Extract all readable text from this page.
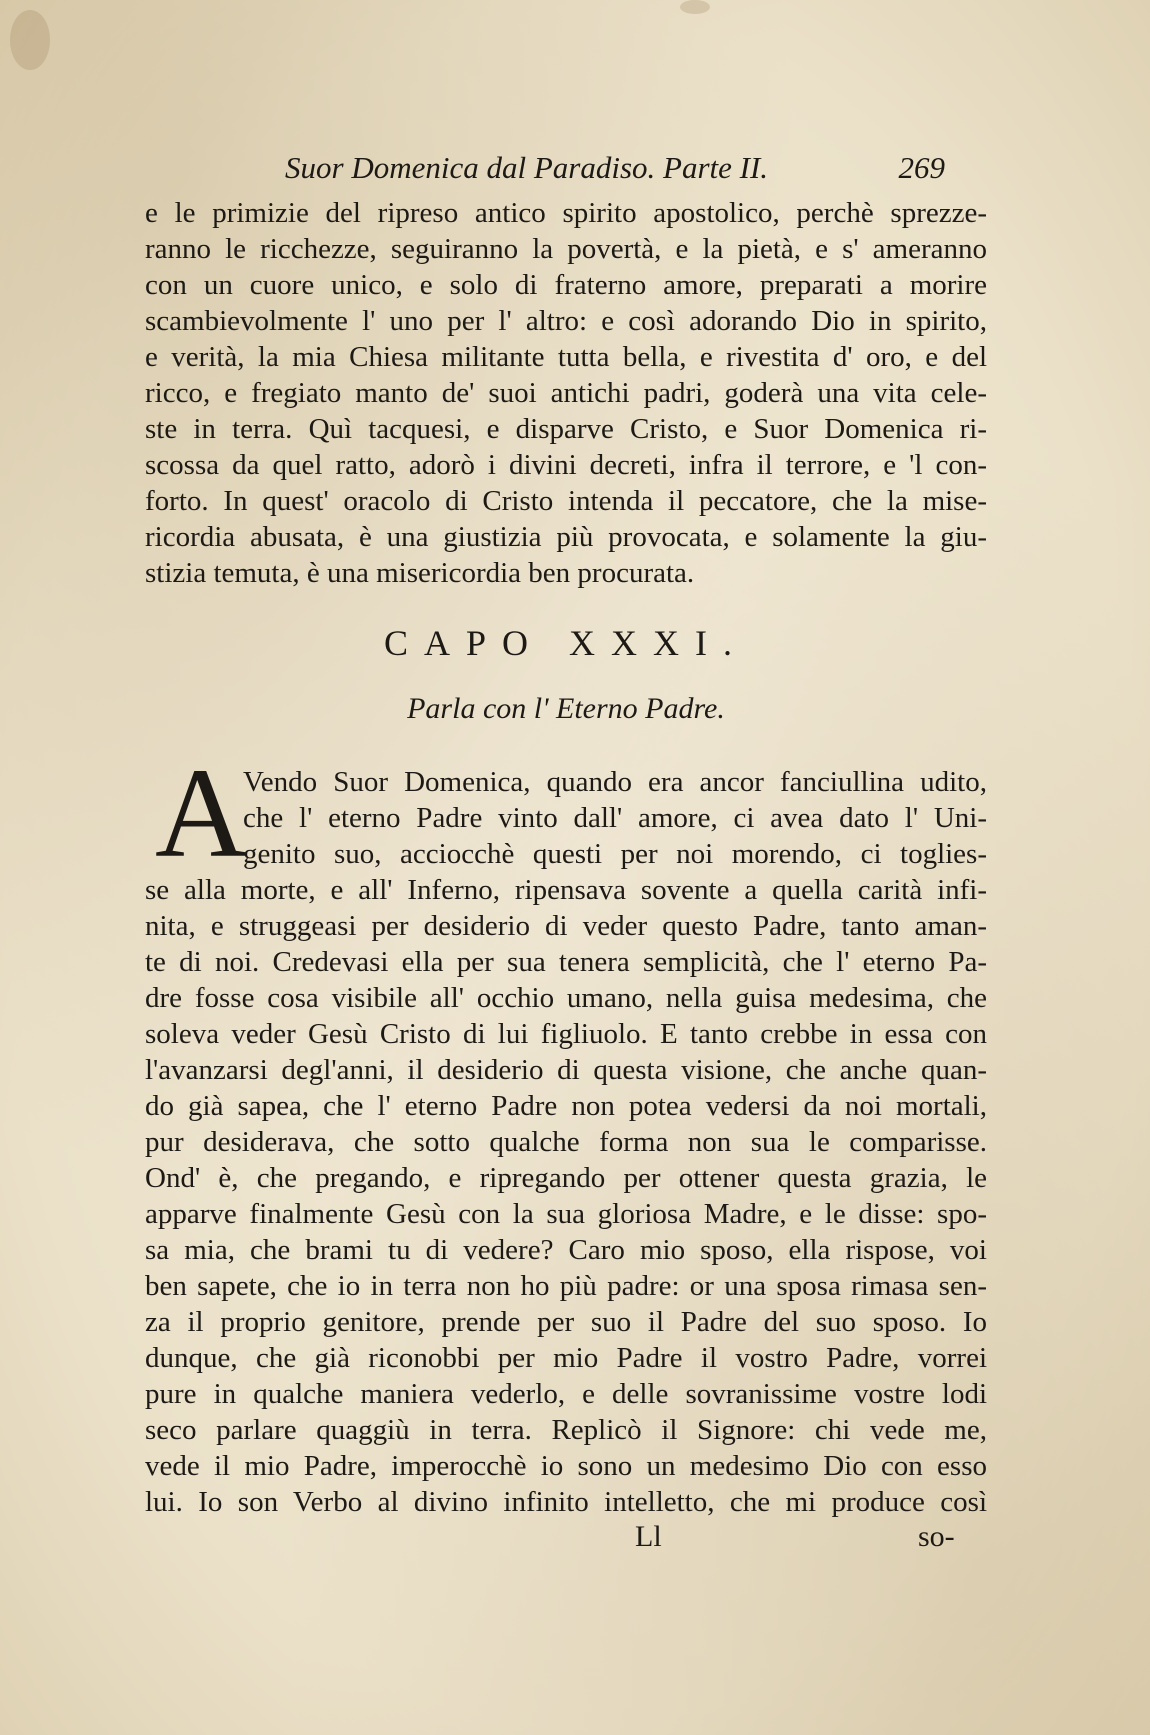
Suor Domenica dal Paradiso. Parte II.	269
e le primizie del ripreso antico spirito apostolico, perchè sprezze-
ranno le ricchezze, seguiranno la povertà, e la pietà, e s' ameranno
con un cuore unico, e solo di fraterno amore, preparati a morire
scambievolmente l' uno per l' altro: e così adorando Dio in spirito,
e verità, la mia Chiesa militante tutta bella, e rivestita d' oro, e del
ricco, e fregiato manto de' suoi antichi padri, goderà una vita cele-
ste in terra. Quì tacquesi, e disparve Cristo, e Suor Domenica ri-
scossa da quel ratto, adorò i divini decreti, infra il terrore, e 'l con-
forto. In quest' oracolo di Cristo intenda il peccatore, che la mise-
ricordia abusata, è una giustizia più provocata, e solamente la giu-
stizia temuta, è una misericordia ben procurata.
CAPO XXXI.
Parla con l' Eterno Padre.
A
Vendo Suor Domenica, quando era ancor fanciullina udito,
che l' eterno Padre vinto dall' amore, ci avea dato l' Uni-
genito suo, acciocchè questi per noi morendo, ci toglies-
se alla morte, e all' Inferno, ripensava sovente a quella carità infi-
nita, e struggeasi per desiderio di veder questo Padre, tanto aman-
te di noi. Credevasi ella per sua tenera semplicità, che l' eterno Pa-
dre fosse cosa visibile all' occhio umano, nella guisa medesima, che
soleva veder Gesù Cristo di lui figliuolo. E tanto crebbe in essa con
l'avanzarsi degl'anni, il desiderio di questa visione, che anche quan-
do già sapea, che l' eterno Padre non potea vedersi da noi mortali,
pur desiderava, che sotto qualche forma non sua le comparisse.
Ond' è, che pregando, e ripregando per ottener questa grazia, le
apparve finalmente Gesù con la sua gloriosa Madre, e le disse: spo-
sa mia, che brami tu di vedere? Caro mio sposo, ella rispose, voi
ben sapete, che io in terra non ho più padre: or una sposa rimasa sen-
za il proprio genitore, prende per suo il Padre del suo sposo. Io
dunque, che già riconobbi per mio Padre il vostro Padre, vorrei
pure in qualche maniera vederlo, e delle sovranissime vostre lodi
seco parlare quaggiù in terra. Replicò il Signore: chi vede me,
vede il mio Padre, imperocchè io sono un medesimo Dio con esso
lui. Io son Verbo al divino infinito intelletto, che mi produce così
Ll	so-
